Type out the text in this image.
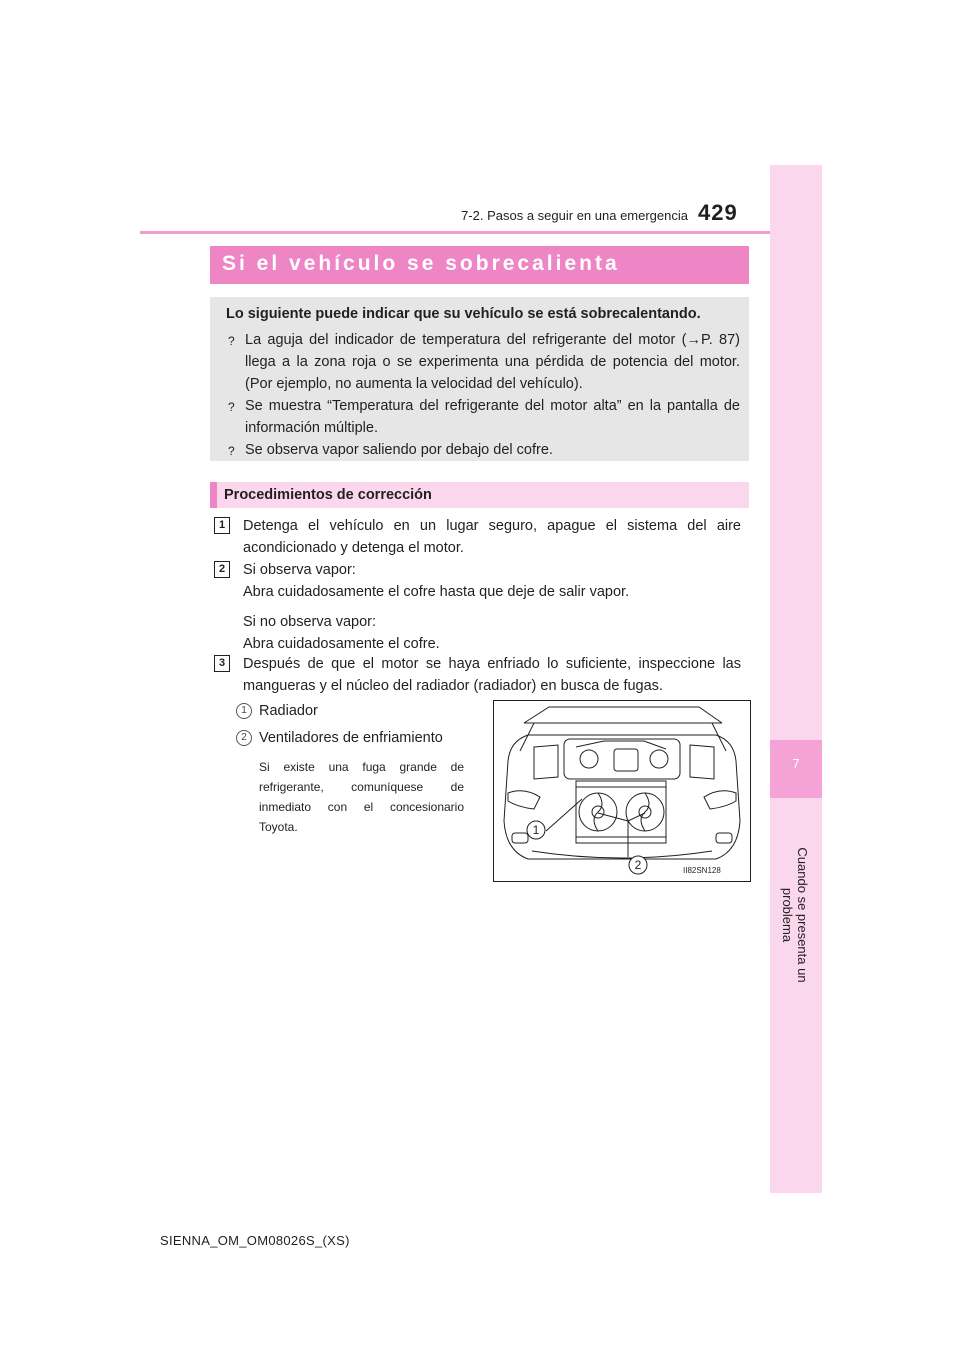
7-2. Pasos a seguir en una emergencia 429
7
Cuando se presenta un problema
Si el vehículo se sobrecalienta
Lo siguiente puede indicar que su vehículo se está sobrecalentando.
? La aguja del indicador de temperatura del refrigerante del motor (→P. 87) llega a la zona roja o se experimenta una pérdida de potencia del motor. (Por ejemplo, no aumenta la velocidad del vehículo).
? Se muestra “Temperatura del refrigerante del motor alta” en la pantalla de información múltiple.
? Se observa vapor saliendo por debajo del cofre.
Procedimientos de corrección
1	Detenga el vehículo en un lugar seguro, apague el sistema del aire acondicionado y detenga el motor.
2	Si observa vapor:
Abra cuidadosamente el cofre hasta que deje de salir vapor.
Si no observa vapor:
Abra cuidadosamente el cofre.
3	Después de que el motor se haya enfriado lo suficiente, inspeccione las mangueras y el núcleo del radiador (radiador) en busca de fugas.
1 Radiador
2 Ventiladores de enfriamiento
Si existe una fuga grande de refrigerante, comuníquese de inmediato con el concesionario Toyota.	1
2	II82SN128
SIENNA_OM_OM08026S_(XS)
